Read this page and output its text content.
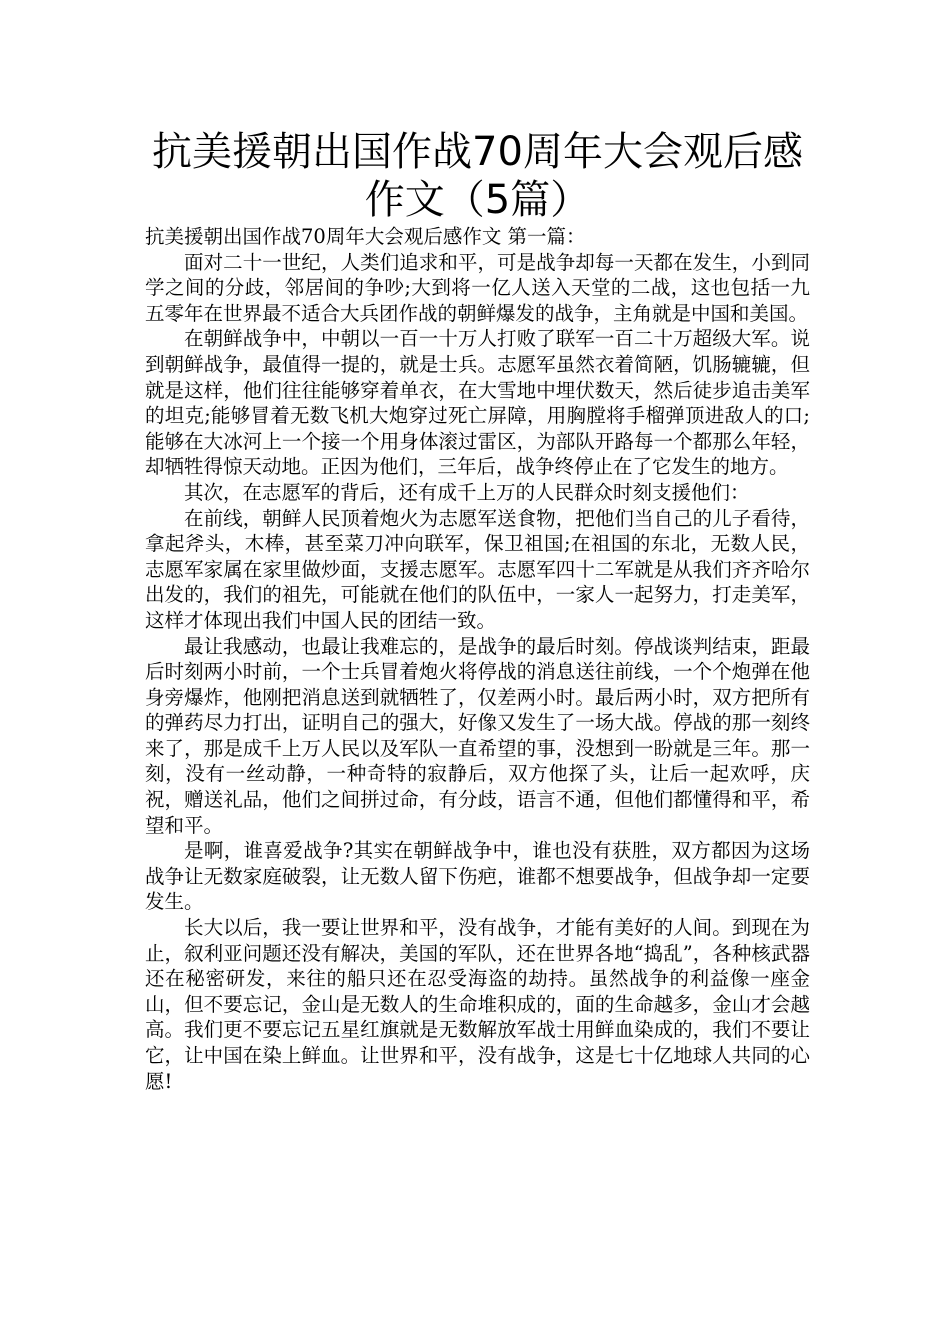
抗美援朝出国作战70周年大会观后感
作文（5篇）

抗美援朝出国作战70周年大会观后感作文 第一篇：

面对二十一世纪，人类们追求和平，可是战争却每一天都在发生，小到同学之间的分歧，邻居间的争吵;大到将一亿人送入天堂的二战，这也包括一九五零年在世界最不适合大兵团作战的朝鲜爆发的战争，主角就是中国和美国。

在朝鲜战争中，中朝以一百一十万人打败了联军一百二十万超级大军。说到朝鲜战争，最值得一提的，就是士兵。志愿军虽然衣着简陋，饥肠辘辘，但就是这样，他们往往能够穿着单衣，在大雪地中埋伏数天，然后徒步追击美军的坦克;能够冒着无数飞机大炮穿过死亡屏障，用胸膛将手榴弹顶进敌人的口;能够在大冰河上一个接一个用身体滚过雷区，为部队开路每一个都那么年轻，却牺牲得惊天动地。正因为他们，三年后，战争终停止在了它发生的地方。

其次，在志愿军的背后，还有成千上万的人民群众时刻支援他们：

在前线，朝鲜人民顶着炮火为志愿军送食物，把他们当自己的儿子看待，拿起斧头，木棒，甚至菜刀冲向联军，保卫祖国;在祖国的东北，无数人民，志愿军家属在家里做炒面，支援志愿军。志愿军四十二军就是从我们齐齐哈尔出发的，我们的祖先，可能就在他们的队伍中，一家人一起努力，打走美军，这样才体现出我们中国人民的团结一致。

最让我感动，也最让我难忘的，是战争的最后时刻。停战谈判结束，距最后时刻两小时前，一个士兵冒着炮火将停战的消息送往前线，一个个炮弹在他身旁爆炸，他刚把消息送到就牺牲了，仅差两小时。最后两小时，双方把所有的弹药尽力打出，证明自己的强大，好像又发生了一场大战。停战的那一刻终来了，那是成千上万人民以及军队一直希望的事，没想到一盼就是三年。那一刻，没有一丝动静，一种奇特的寂静后，双方他探了头，让后一起欢呼，庆祝，赠送礼品，他们之间拼过命，有分歧，语言不通，但他们都懂得和平，希望和平。

是啊，谁喜爱战争?其实在朝鲜战争中，谁也没有获胜，双方都因为这场战争让无数家庭破裂，让无数人留下伤疤，谁都不想要战争，但战争却一定要发生。

长大以后，我一要让世界和平，没有战争，才能有美好的人间。到现在为止，叙利亚问题还没有解决，美国的军队，还在世界各地“捣乱”，各种核武器还在秘密研发，来往的船只还在忍受海盗的劫持。虽然战争的利益像一座金山，但不要忘记，金山是无数人的生命堆积成的，面的生命越多，金山才会越高。我们更不要忘记五星红旗就是无数解放军战士用鲜血染成的，我们不要让它，让中国在染上鲜血。让世界和平，没有战争，这是七十亿地球人共同的心愿!
